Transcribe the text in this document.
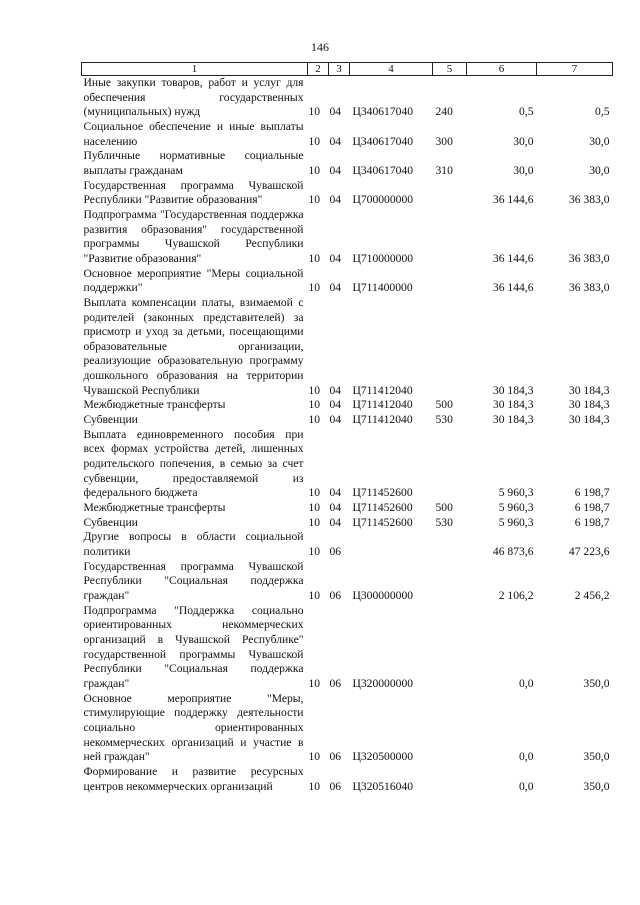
146
1	2	3	4	5	6	7
Иные закупки товаров, работ и услуг для обеспечения государственных (муниципальных) нужд	10	04	Ц340617040	240	0,5	0,5
Социальное обеспечение и иные выплаты населению	10	04	Ц340617040	300	30,0	30,0
Публичные нормативные социальные выплаты гражданам	10	04	Ц340617040	310	30,0	30,0
Государственная программа Чувашской Республики "Развитие образования"	10	04	Ц700000000		36 144,6	36 383,0
Подпрограмма "Государственная поддержка развития образования" государственной программы Чувашской Республики "Развитие образования"	10	04	Ц710000000		36 144,6	36 383,0
Основное мероприятие "Меры социальной поддержки"	10	04	Ц711400000		36 144,6	36 383,0
Выплата компенсации платы, взимаемой с родителей (законных представителей) за присмотр и уход за детьми, посещающими образовательные организации, реализующие образовательную программу дошкольного образования на территории Чувашской Республики	10	04	Ц711412040		30 184,3	30 184,3
Межбюджетные трансферты	10	04	Ц711412040	500	30 184,3	30 184,3
Субвенции	10	04	Ц711412040	530	30 184,3	30 184,3
Выплата единовременного пособия при всех формах устройства детей, лишенных родительского попечения, в семью за счет субвенции, предоставляемой из федерального бюджета	10	04	Ц711452600		5 960,3	6 198,7
Межбюджетные трансферты	10	04	Ц711452600	500	5 960,3	6 198,7
Субвенции	10	04	Ц711452600	530	5 960,3	6 198,7
Другие вопросы в области социальной политики	10	06			46 873,6	47 223,6
Государственная программа Чувашской Республики "Социальная поддержка граждан"	10	06	Ц300000000		2 106,2	2 456,2
Подпрограмма "Поддержка социально ориентированных некоммерческих организаций в Чувашской Республике" государственной программы Чувашской Республики "Социальная поддержка граждан"	10	06	Ц320000000		0,0	350,0
Основное мероприятие "Меры, стимулирующие поддержку деятельности социально ориентированных некоммерческих организаций и участие в ней граждан"	10	06	Ц320500000		0,0	350,0
Формирование и развитие ресурсных центров некоммерческих организаций	10	06	Ц320516040		0,0	350,0
